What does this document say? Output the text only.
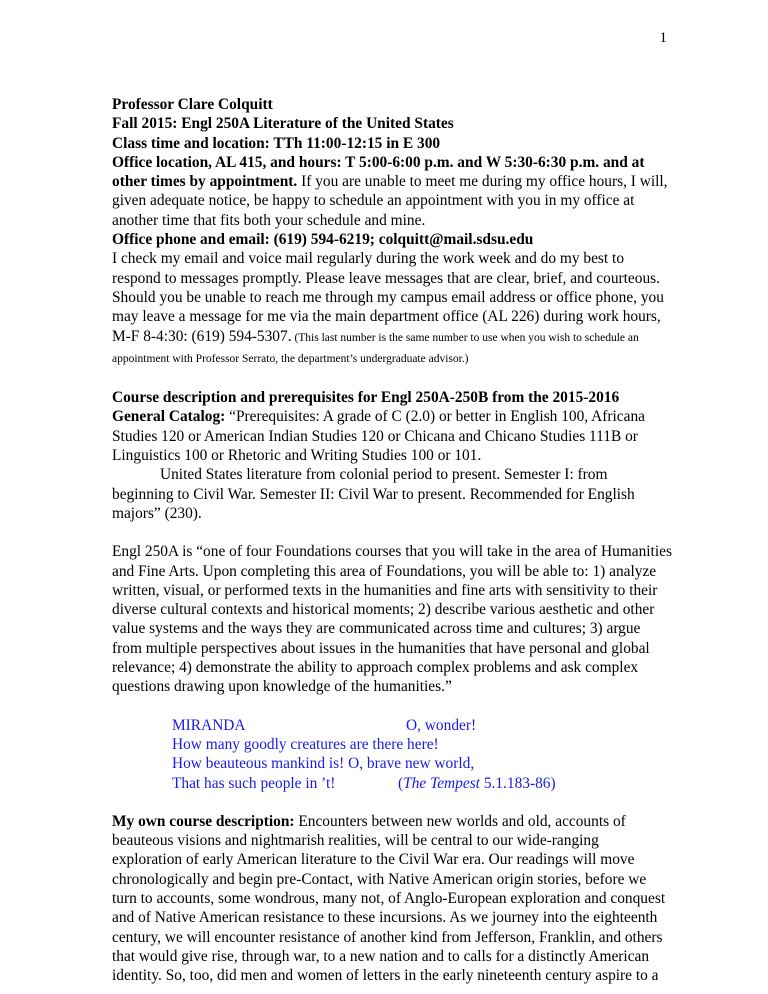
1

Professor Clare Colquitt

Fall 2015: Engl 250A Literature of the United States

Class time and location: TTh 11:00-12:15 in E 300

Office location, AL 415, and hours: T 5:00-6:00 p.m. and W 5:30-6:30 p.m. and at other times by appointment. If you are unable to meet me during my office hours, I will, given adequate notice, be happy to schedule an appointment with you in my office at another time that fits both your schedule and mine.

Office phone and email: (619) 594-6219; colquitt@mail.sdsu.edu

I check my email and voice mail regularly during the work week and do my best to respond to messages promptly. Please leave messages that are clear, brief, and courteous. Should you be unable to reach me through my campus email address or office phone, you may leave a message for me via the main department office (AL 226) during work hours, M-F 8-4:30: (619) 594-5307. (This last number is the same number to use when you wish to schedule an appointment with Professor Serrato, the department’s undergraduate advisor.)

Course description and prerequisites for Engl 250A-250B from the 2015-2016 General Catalog: “Prerequisites: A grade of C (2.0) or better in English 100, Africana Studies 120 or American Indian Studies 120 or Chicana and Chicano Studies 111B or Linguistics 100 or Rhetoric and Writing Studies 100 or 101.

United States literature from colonial period to present. Semester I: from beginning to Civil War. Semester II: Civil War to present. Recommended for English majors” (230).

Engl 250A is “one of four Foundations courses that you will take in the area of Humanities and Fine Arts. Upon completing this area of Foundations, you will be able to: 1) analyze written, visual, or performed texts in the humanities and fine arts with sensitivity to their diverse cultural contexts and historical moments; 2) describe various aesthetic and other value systems and the ways they are communicated across time and cultures; 3) argue from multiple perspectives about issues in the humanities that have personal and global relevance; 4) demonstrate the ability to approach complex problems and ask complex questions drawing upon knowledge of the humanities.”

MIRANDA	O, wonder!
How many goodly creatures are there here!
How beauteous mankind is! O, brave new world,
That has such people in ’t!	(The Tempest 5.1.183-86)

My own course description: Encounters between new worlds and old, accounts of beauteous visions and nightmarish realities, will be central to our wide-ranging exploration of early American literature to the Civil War era. Our readings will move chronologically and begin pre-Contact, with Native American origin stories, before we turn to accounts, some wondrous, many not, of Anglo-European exploration and conquest and of Native American resistance to these incursions. As we journey into the eighteenth century, we will encounter resistance of another kind from Jefferson, Franklin, and others that would give rise, through war, to a new nation and to calls for a distinctly American identity. So, too, did men and women of letters in the early nineteenth century aspire to a
